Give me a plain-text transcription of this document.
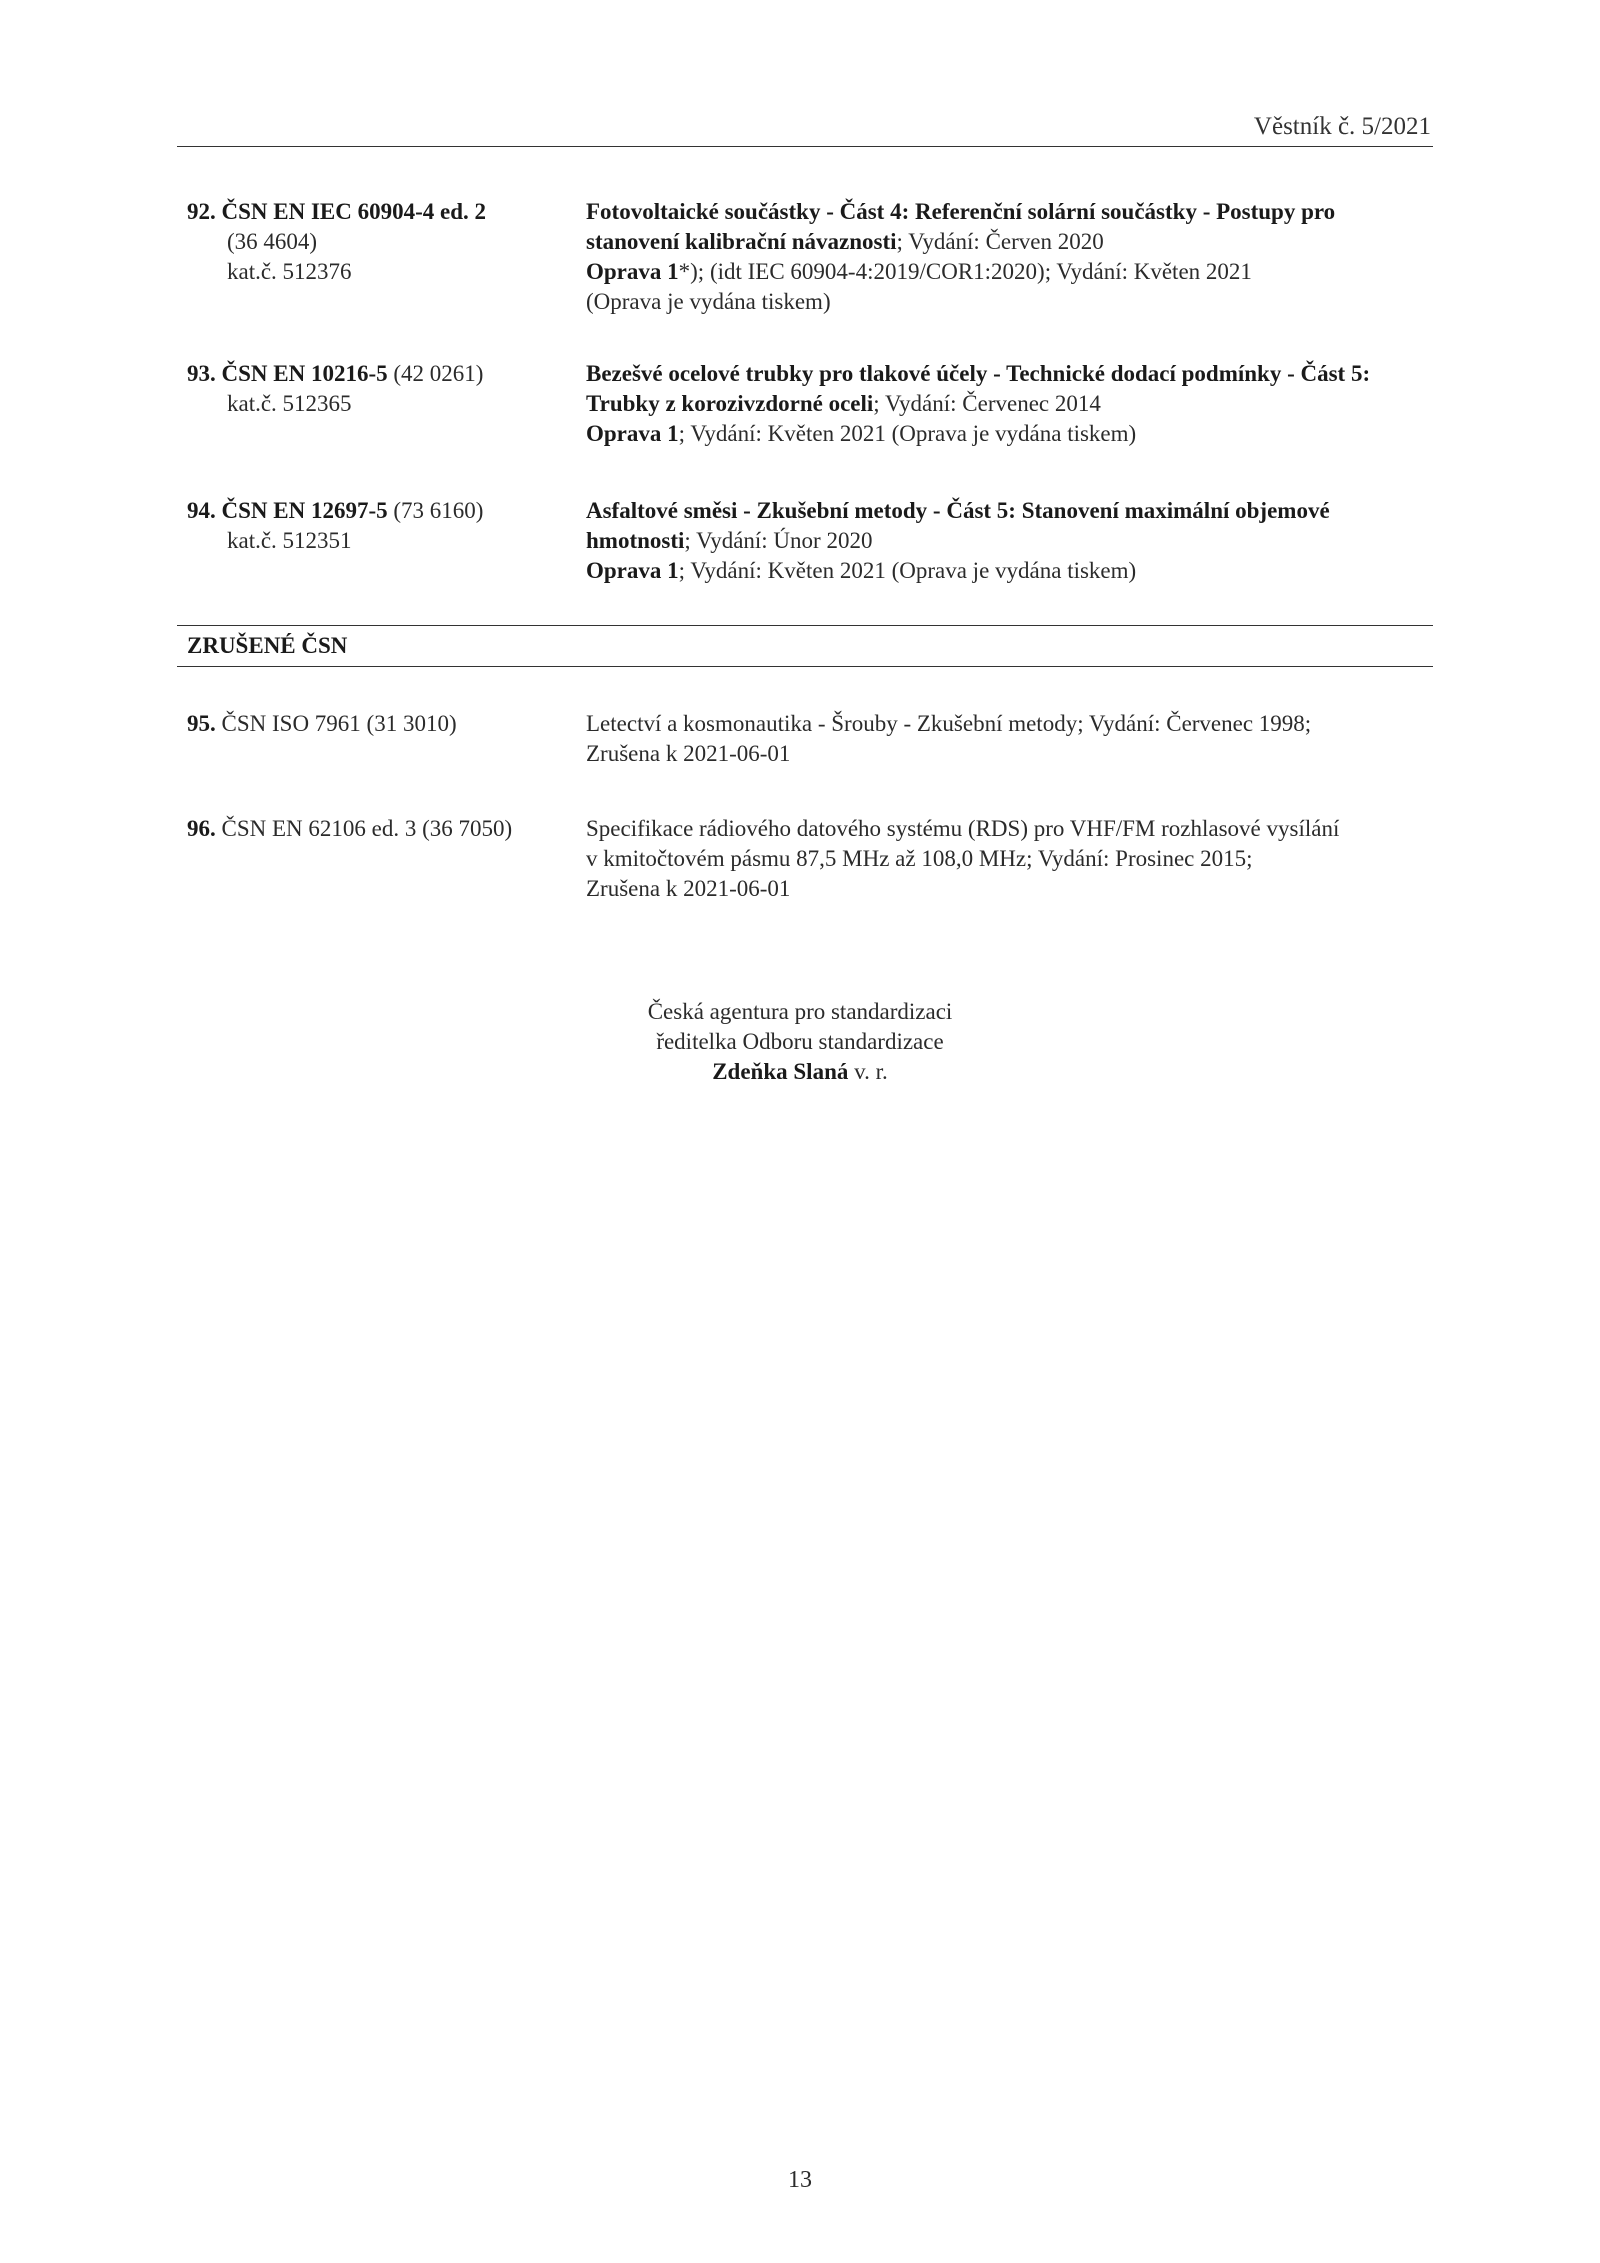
Věstník č. 5/2021
92. ČSN EN IEC 60904-4 ed. 2
(36 4604)
kat.č. 512376
Fotovoltaické součástky - Část 4: Referenční solární součástky - Postupy pro
stanovení kalibrační návaznosti; Vydání: Červen 2020
Oprava 1*); (idt IEC 60904-4:2019/COR1:2020); Vydání: Květen 2021
(Oprava je vydána tiskem)
93. ČSN EN 10216-5 (42 0261)
kat.č. 512365
Bezešvé ocelové trubky pro tlakové účely - Technické dodací podmínky - Část 5:
Trubky z korozivzdorné oceli; Vydání: Červenec 2014
Oprava 1; Vydání: Květen 2021 (Oprava je vydána tiskem)
94. ČSN EN 12697-5 (73 6160)
kat.č. 512351
Asfaltové směsi - Zkušební metody - Část 5: Stanovení maximální objemové
hmotnosti; Vydání: Únor 2020
Oprava 1; Vydání: Květen 2021 (Oprava je vydána tiskem)
ZRUŠENÉ ČSN
95. ČSN ISO 7961 (31 3010)	Letectví a kosmonautika - Šrouby - Zkušební metody; Vydání: Červenec 1998;
Zrušena k 2021-06-01
96. ČSN EN 62106 ed. 3 (36 7050)	Specifikace rádiového datového systému (RDS) pro VHF/FM rozhlasové vysílání
v kmitočtovém pásmu 87,5 MHz až 108,0 MHz; Vydání: Prosinec 2015;
Zrušena k 2021-06-01
Česká agentura pro standardizaci
ředitelka Odboru standardizace
Zdeňka Slaná v. r.
13
